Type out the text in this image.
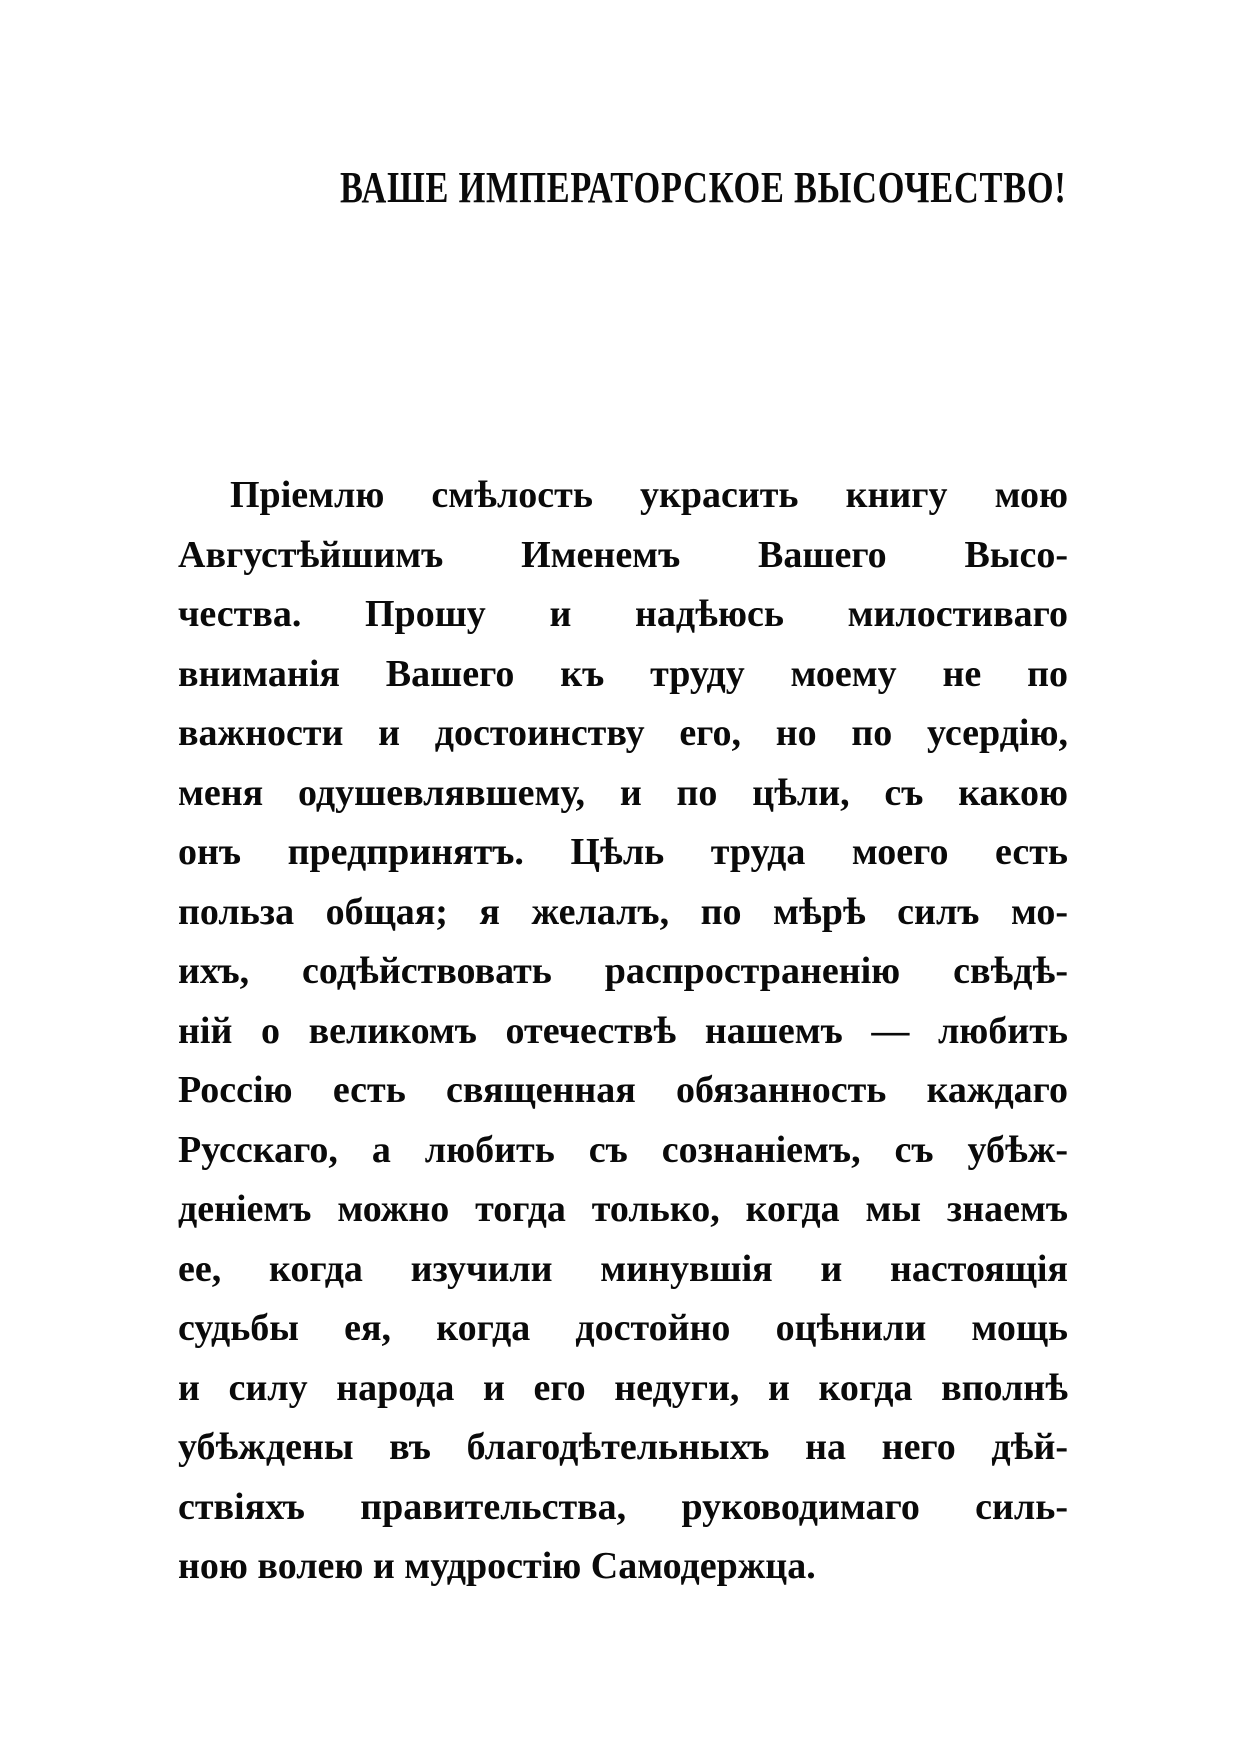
ВАШЕ ИМПЕРАТОРСКОЕ ВЫСОЧЕСТВО!
Пріемлю смѣлость украсить книгу мою
Августѣйшимъ Именемъ Вашего Высо-
чества. Прошу и надѣюсь милостиваго
вниманія Вашего къ труду моему не по
важности и достоинству его, но по усердію,
меня одушевлявшему, и по цѣли, съ какою
онъ предпринятъ. Цѣль труда моего есть
польза общая; я желалъ, по мѣрѣ силъ мо-
ихъ, содѣйствовать распространенію свѣдѣ-
ній о великомъ отечествѣ нашемъ — любить
Россію есть священная обязанность каждаго
Русскаго, а любить съ сознаніемъ, съ убѣж-
деніемъ можно тогда только, когда мы знаемъ
ее, когда изучили минувшія и настоящія
судьбы ея, когда достойно оцѣнили мощь
и силу народа и его недуги, и когда вполнѣ
убѣждены въ благодѣтельныхъ на него дѣй-
ствіяхъ правительства, руководимаго силь-
ною волею и мудростію Самодержца.
